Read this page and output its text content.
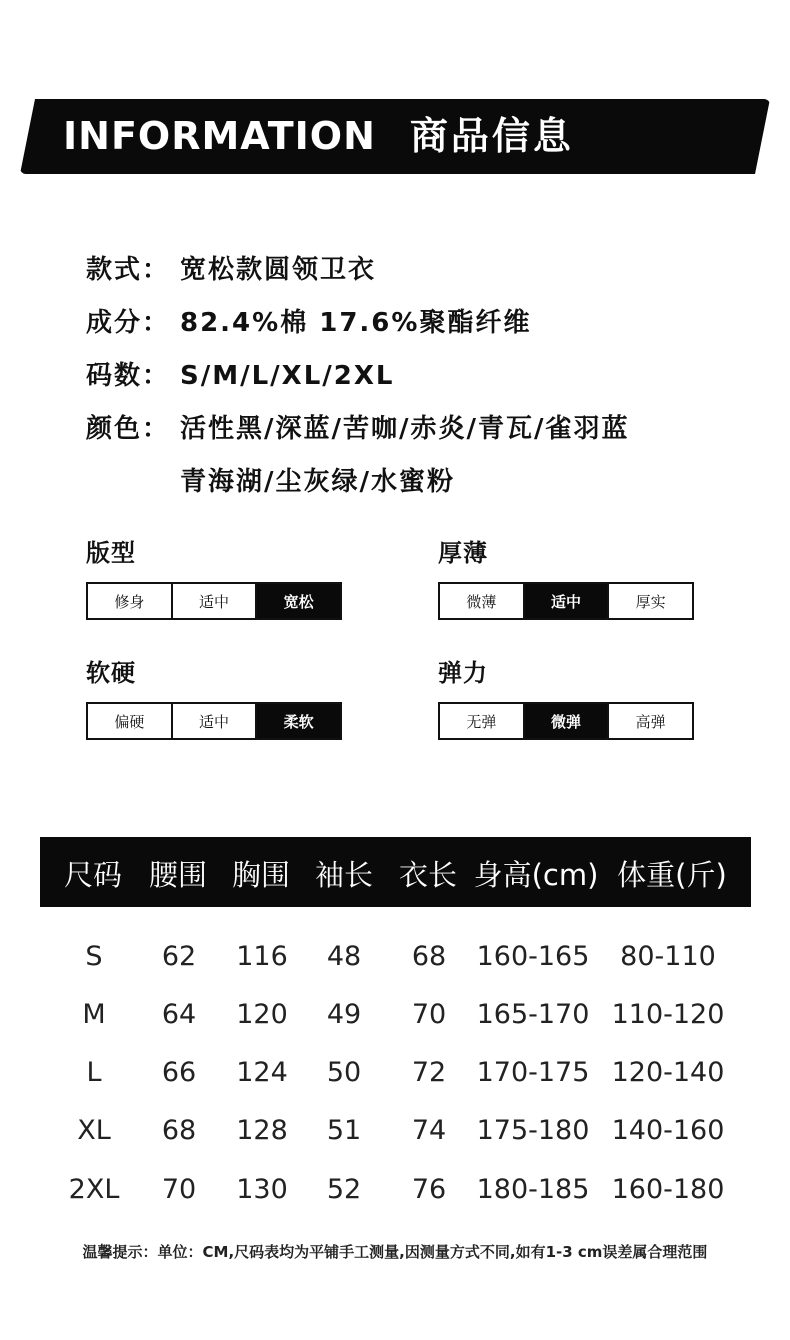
INFORMATION 商品信息
款式： 宽松款圆领卫衣
成分： 82.4%棉 17.6%聚酯纤维
码数： S/M/L/XL/2XL
颜色： 活性黑/深蓝/苦咖/赤炎/青瓦/雀羽蓝
青海湖/尘灰绿/水蜜粉
版型
修身	适中	宽松
厚薄
微薄	适中	厚实
软硬
偏硬	适中	柔软
弹力
无弹	微弹	高弹
尺码 腰围 胸围 袖长 衣长 身高(cm) 体重(斤)
S 62 116 48 68 160-165 80-110
M 64 120 49 70 165-170 110-120
L 66 124 50 72 170-175 120-140
XL 68 128 51 74 175-180 140-160
2XL 70 130 52 76 180-185 160-180
温馨提示：单位：CM,尺码表均为平铺手工测量,因测量方式不同,如有1-3 cm误差属合理范围
